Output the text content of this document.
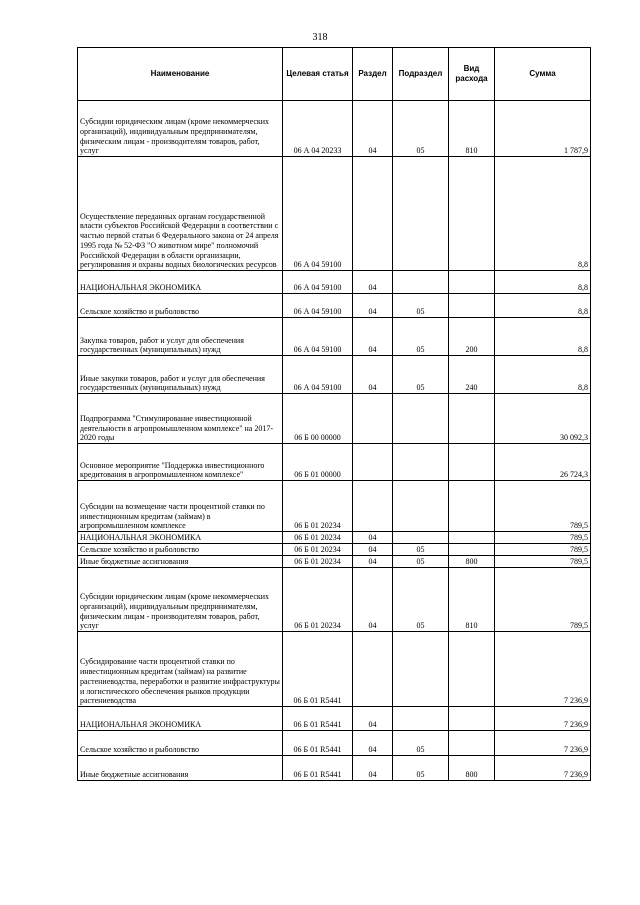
318
Наименование	Целевая статья	Раздел	Подраздел	Вид расхода	Сумма
Субсидии юридическим лицам (кроме некоммерческих организаций), индивидуальным предпринимателям, физическим лицам - производителям товаров, работ, услуг	06 А 04 20233	04	05	810	1 787,9
Осуществление переданных органам государственной власти субъектов Российской Федерации в соответствии с частью первой статьи 6 Федерального закона от 24 апреля 1995 года № 52-ФЗ "О животном мире" полномочий Российской Федерации в области организации, регулирования и охраны водных биологических ресурсов	06 А 04 59100				8,8
НАЦИОНАЛЬНАЯ ЭКОНОМИКА	06 А 04 59100	04			8,8
Сельское хозяйство и рыболовство	06 А 04 59100	04	05		8,8
Закупка товаров, работ и услуг для обеспечения государственных (муниципальных) нужд	06 А 04 59100	04	05	200	8,8
Иные закупки товаров, работ и услуг для обеспечения государственных (муниципальных) нужд	06 А 04 59100	04	05	240	8,8
Подпрограмма "Стимулирование инвестиционной деятельности в агропромышленном комплексе" на 2017-2020 годы	06 Б 00 00000				30 092,3
Основное мероприятие "Поддержка инвестиционного кредитования в агропромышленном комплексе"	06 Б 01 00000				26 724,3
Субсидии на возмещение части процентной ставки по инвестиционным кредитам (займам) в агропромышленном комплексе	06 Б 01 20234				789,5
НАЦИОНАЛЬНАЯ ЭКОНОМИКА	06 Б 01 20234	04			789,5
Сельское хозяйство и рыболовство	06 Б 01 20234	04	05		789,5
Иные бюджетные ассигнования	06 Б 01 20234	04	05	800	789,5
Субсидии юридическим лицам (кроме некоммерческих организаций), индивидуальным предпринимателям, физическим лицам - производителям товаров, работ, услуг	06 Б 01 20234	04	05	810	789,5
Субсидирование части процентной ставки по инвестиционным кредитам (займам) на развитие растениеводства, переработки и развитие инфраструктуры и логистического обеспечения рынков продукции растениеводства	06 Б 01 R5441				7 236,9
НАЦИОНАЛЬНАЯ ЭКОНОМИКА	06 Б 01 R5441	04			7 236,9
Сельское хозяйство и рыболовство	06 Б 01 R5441	04	05		7 236,9
Иные бюджетные ассигнования	06 Б 01 R5441	04	05	800	7 236,9
